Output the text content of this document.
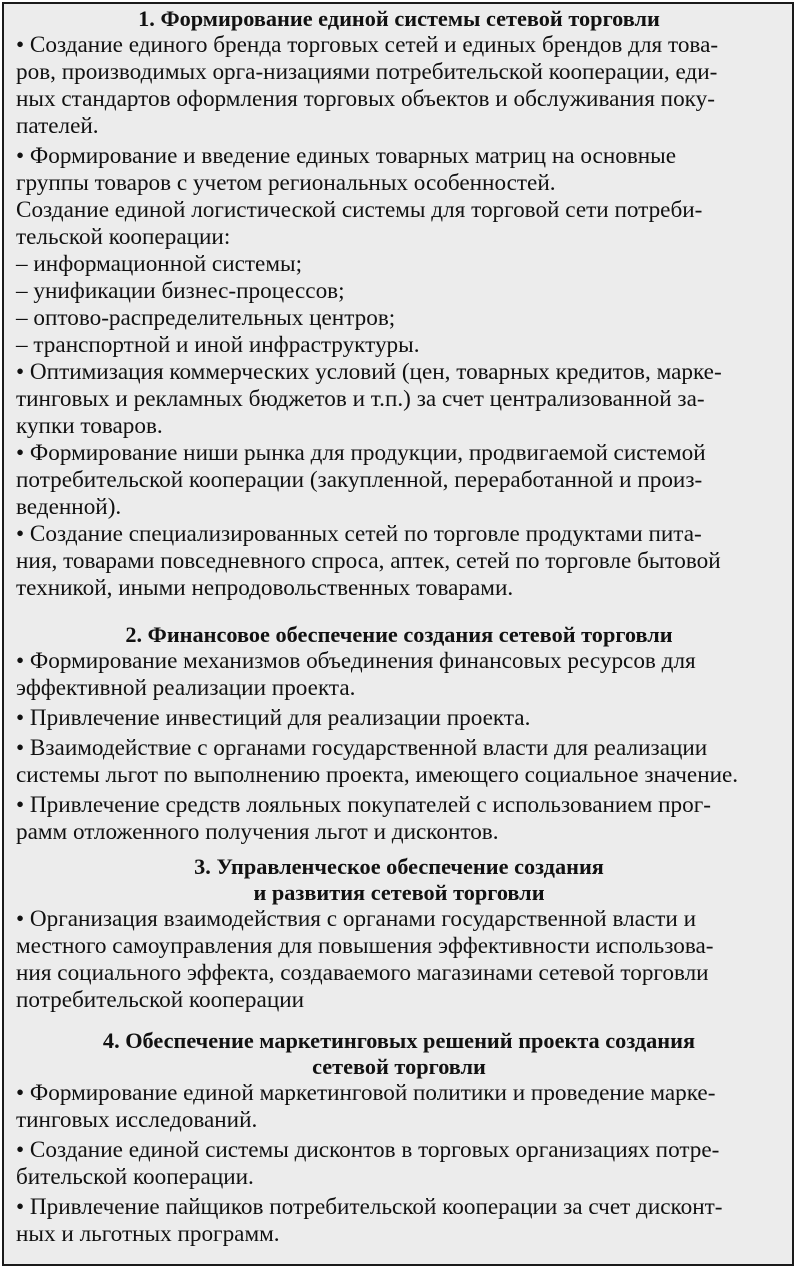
1. Формирование единой системы сетевой торговли

• Создание единого бренда торговых сетей и единых брендов для това-
ров, производимых орга-низациями потребительской кооперации, еди-
ных стандартов оформления торговых объектов и обслуживания поку-
пателей.

• Формирование и введение единых товарных матриц на основные
группы товаров с учетом региональных особенностей.

Создание единой логистической системы для торговой сети потреби-
тельской кооперации:
– информационной системы;
– унификации бизнес-процессов;
– оптово-распределительных центров;
– транспортной и иной инфраструктуры.

• Оптимизация коммерческих условий (цен, товарных кредитов, марке-
тинговых и рекламных бюджетов и т.п.) за счет централизованной за-
купки товаров.

• Формирование ниши рынка для продукции, продвигаемой системой
потребительской кооперации (закупленной, переработанной и произ-
веденной).

• Создание специализированных сетей по торговле продуктами пита-
ния, товарами повседневного спроса, аптек, сетей по торговле бытовой
техникой, иными непродовольственных товарами.

2. Финансовое обеспечение создания сетевой торговли

• Формирование механизмов объединения финансовых ресурсов для
эффективной реализации проекта.

• Привлечение инвестиций для реализации проекта.

• Взаимодействие с органами государственной власти для реализации
системы льгот по выполнению проекта, имеющего социальное значение.

• Привлечение средств лояльных покупателей с использованием прог-
рамм отложенного получения льгот и дисконтов.

3. Управленческое обеспечение создания
и развития сетевой торговли

• Организация взаимодействия с органами государственной власти и
местного самоуправления для повышения эффективности использова-
ния социального эффекта, создаваемого магазинами сетевой торговли
потребительской кооперации

4. Обеспечение маркетинговых решений проекта создания
сетевой торговли

• Формирование единой маркетинговой политики и проведение марке-
тинговых исследований.

• Создание единой системы дисконтов в торговых организациях потре-
бительской кооперации.

• Привлечение пайщиков потребительской кооперации за счет дисконт-
ных и льготных программ.
